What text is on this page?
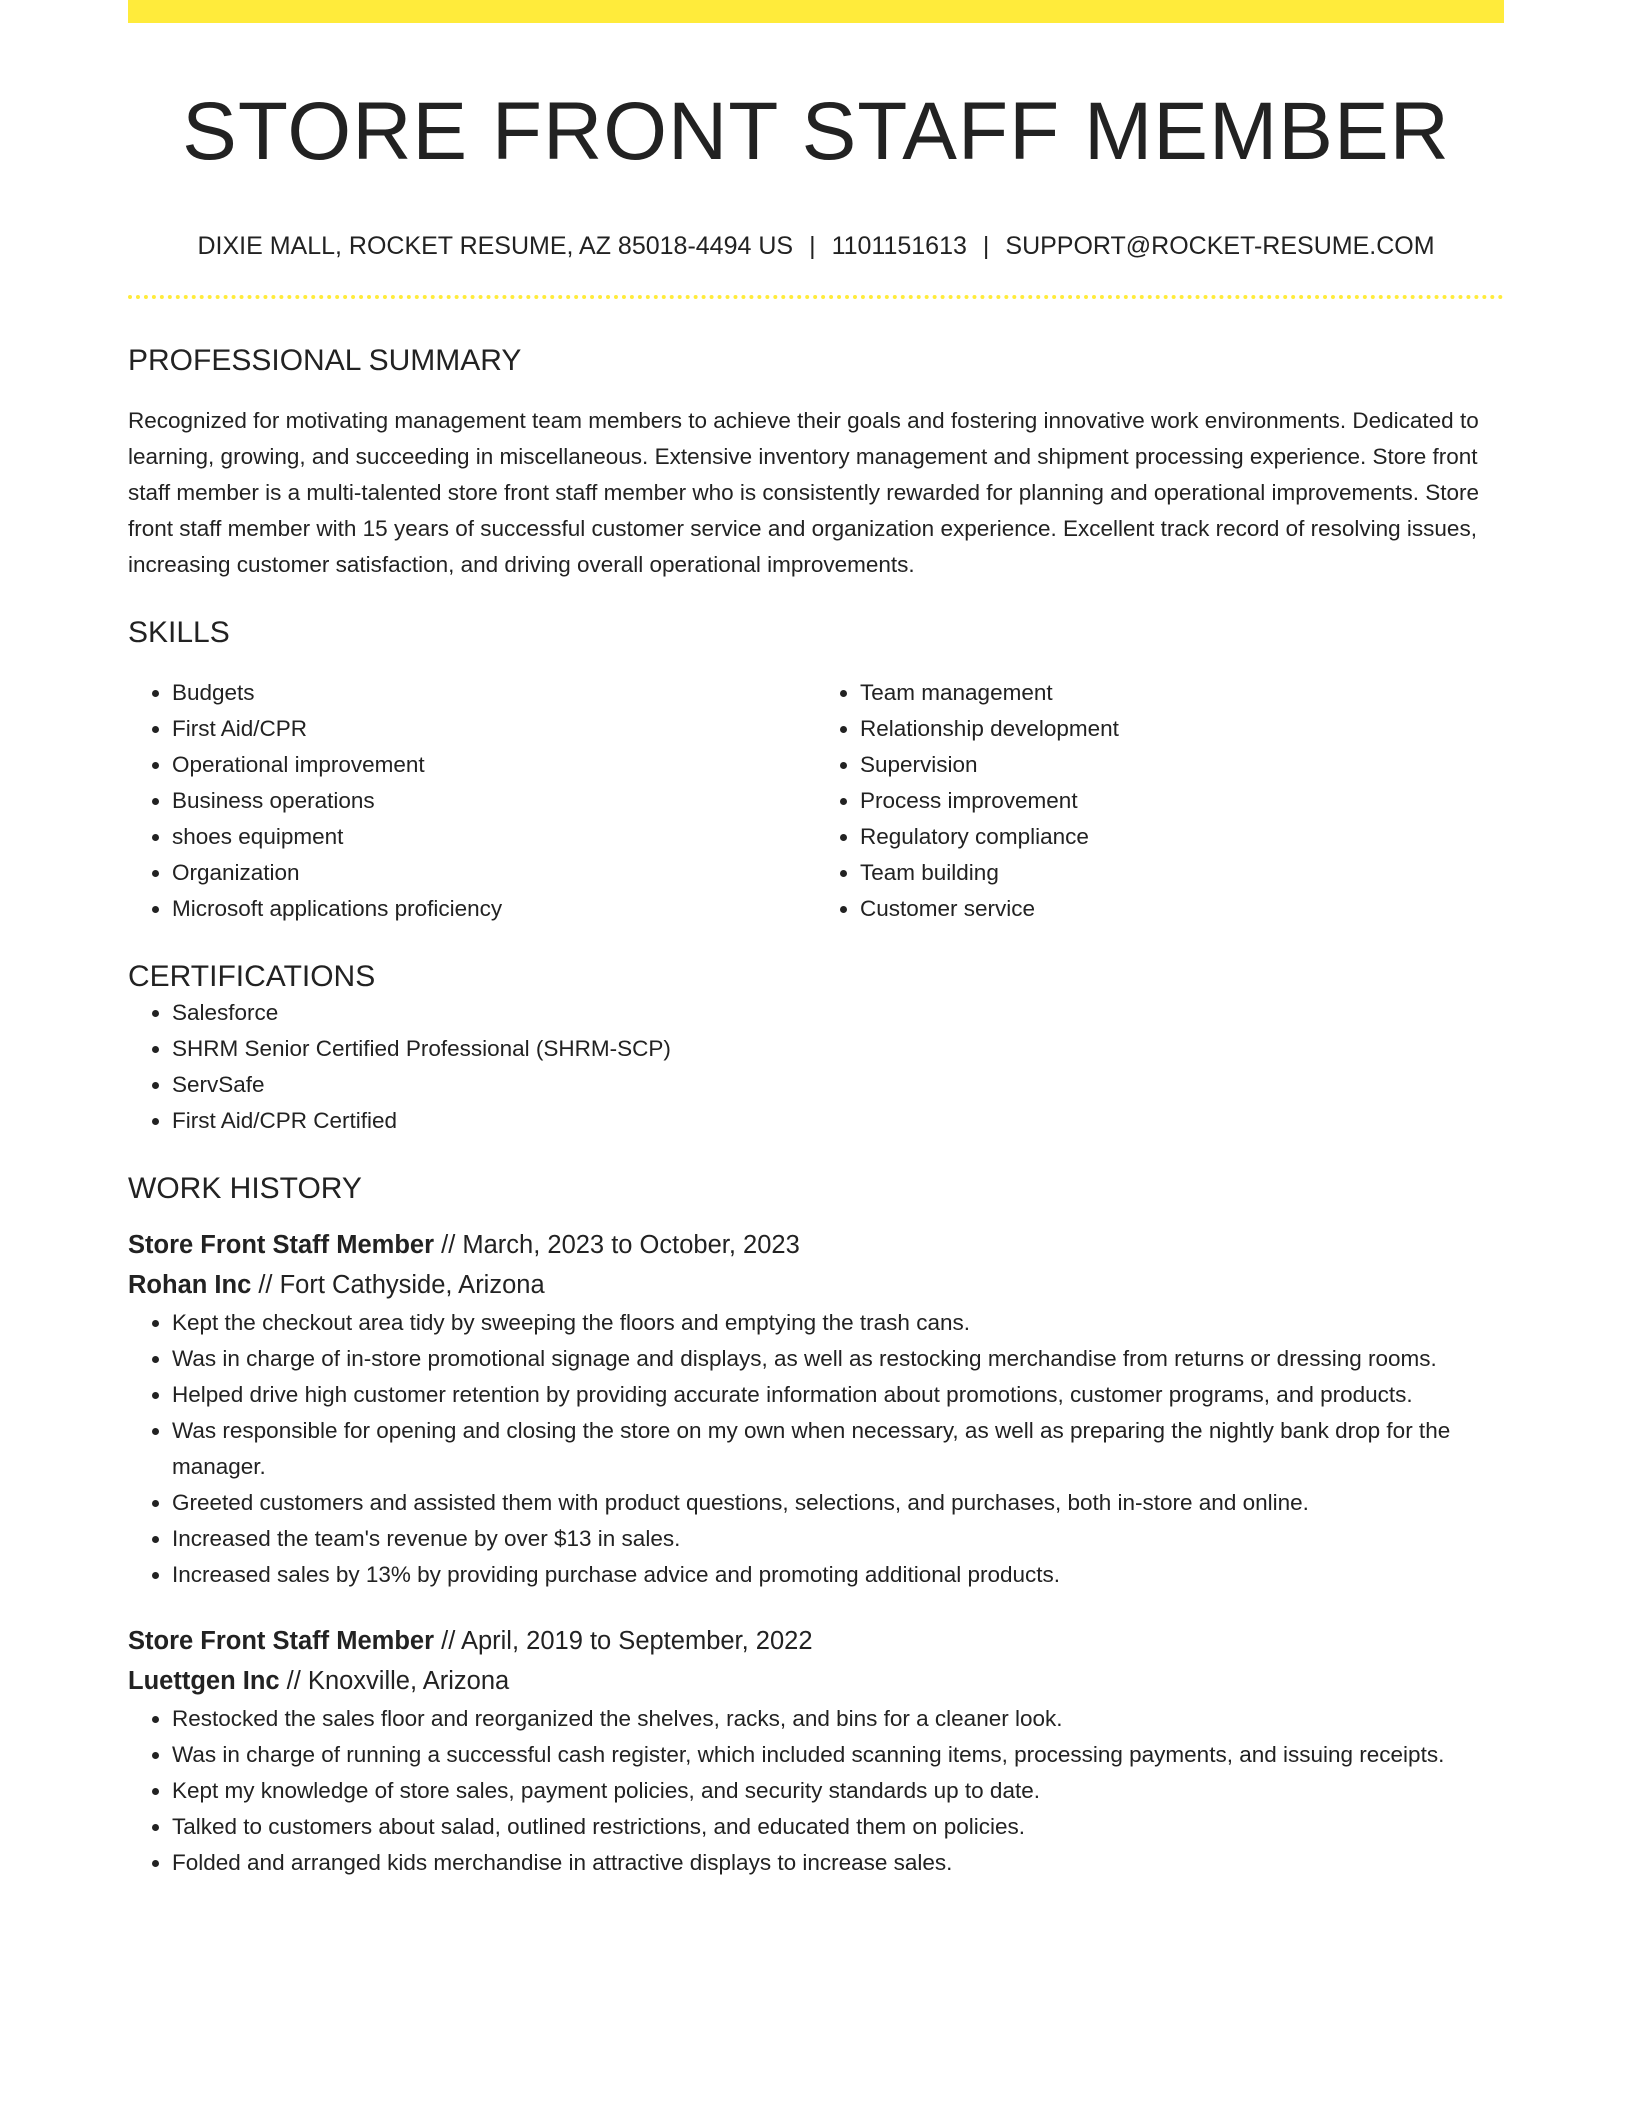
STORE FRONT STAFF MEMBER
DIXIE MALL, ROCKET RESUME, AZ 85018-4494 US | 1101151613 | SUPPORT@ROCKET-RESUME.COM
PROFESSIONAL SUMMARY

Recognized for motivating management team members to achieve their goals and fostering innovative work environments. Dedicated to learning, growing, and succeeding in miscellaneous. Extensive inventory management and shipment processing experience. Store front staff member is a multi-talented store front staff member who is consistently rewarded for planning and operational improvements. Store front staff member with 15 years of successful customer service and organization experience. Excellent track record of resolving issues, increasing customer satisfaction, and driving overall operational improvements.

SKILLS
• Budgets
• First Aid/CPR
• Operational improvement
• Business operations
• shoes equipment
• Organization
• Microsoft applications proficiency
• Team management
• Relationship development
• Supervision
• Process improvement
• Regulatory compliance
• Team building
• Customer service
CERTIFICATIONS
• Salesforce
• SHRM Senior Certified Professional (SHRM-SCP)
• ServSafe
• First Aid/CPR Certified
WORK HISTORY
Store Front Staff Member // March, 2023 to October, 2023
Rohan Inc // Fort Cathyside, Arizona
• Kept the checkout area tidy by sweeping the floors and emptying the trash cans.
• Was in charge of in-store promotional signage and displays, as well as restocking merchandise from returns or dressing rooms.
• Helped drive high customer retention by providing accurate information about promotions, customer programs, and products.
• Was responsible for opening and closing the store on my own when necessary, as well as preparing the nightly bank drop for the manager.
• Greeted customers and assisted them with product questions, selections, and purchases, both in-store and online.
• Increased the team's revenue by over $13 in sales.
• Increased sales by 13% by providing purchase advice and promoting additional products.
Store Front Staff Member // April, 2019 to September, 2022
Luettgen Inc // Knoxville, Arizona
• Restocked the sales floor and reorganized the shelves, racks, and bins for a cleaner look.
• Was in charge of running a successful cash register, which included scanning items, processing payments, and issuing receipts.
• Kept my knowledge of store sales, payment policies, and security standards up to date.
• Talked to customers about salad, outlined restrictions, and educated them on policies.
• Folded and arranged kids merchandise in attractive displays to increase sales.
